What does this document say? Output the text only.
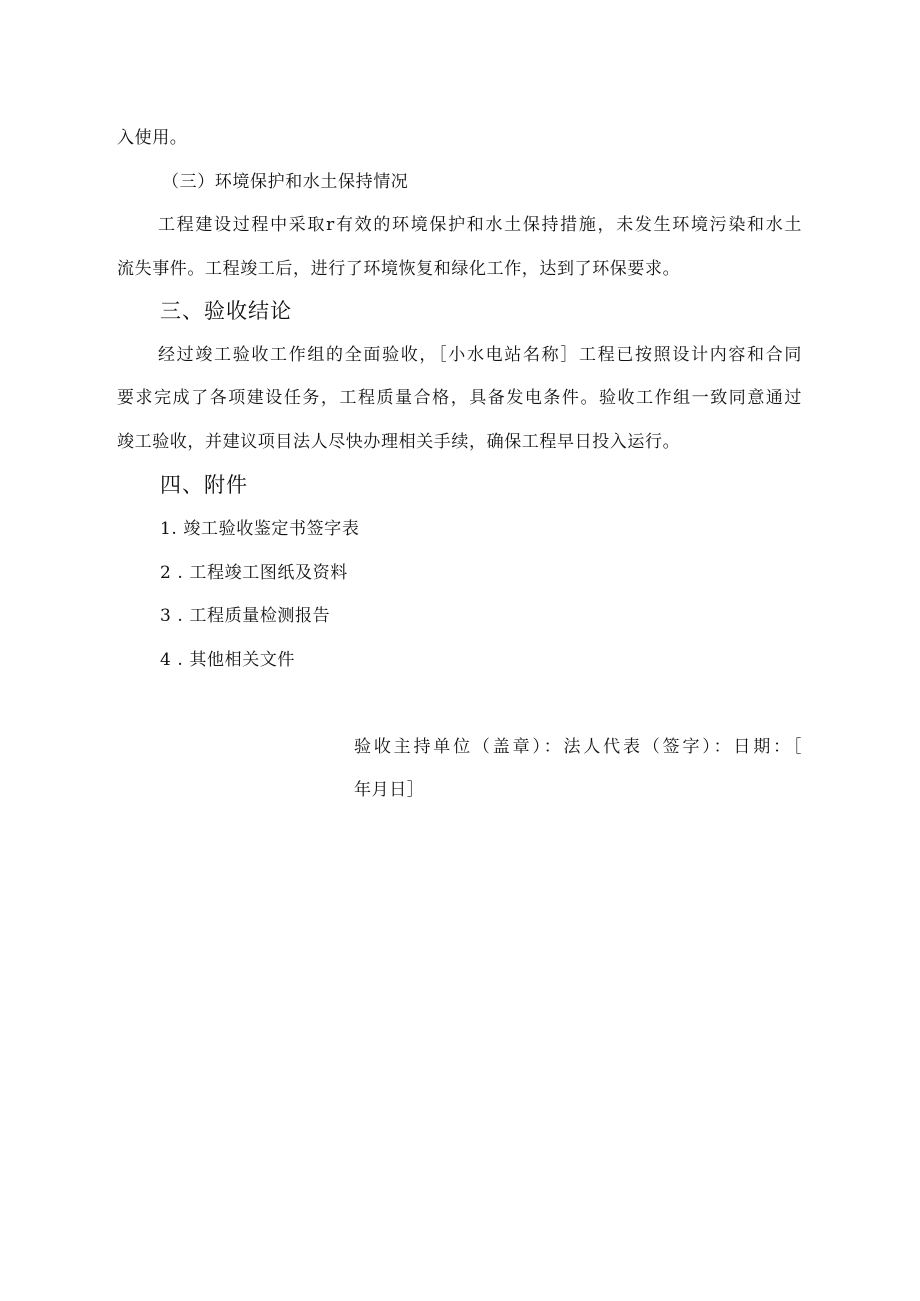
入使用。
（三）环境保护和水土保持情况
工程建设过程中采取r有效的环境保护和水土保持措施，未发生环境污染和水土
流失事件。工程竣工后，进行了环境恢复和绿化工作，达到了环保要求。
三、验收结论
经过竣工验收工作组的全面验收，［小水电站名称］工程已按照设计内容和合同
要求完成了各项建设任务，工程质量合格，具备发电条件。验收工作组一致同意通过
竣工验收，并建议项目法人尽快办理相关手续，确保工程早日投入运行。
四、附件
1. 竣工验收鉴定书签字表
2 . 工程竣工图纸及资料
3 . 工程质量检测报告
4 . 其他相关文件
验收主持单位（盖章）：法人代表（签字）：日期：［
年月日］
